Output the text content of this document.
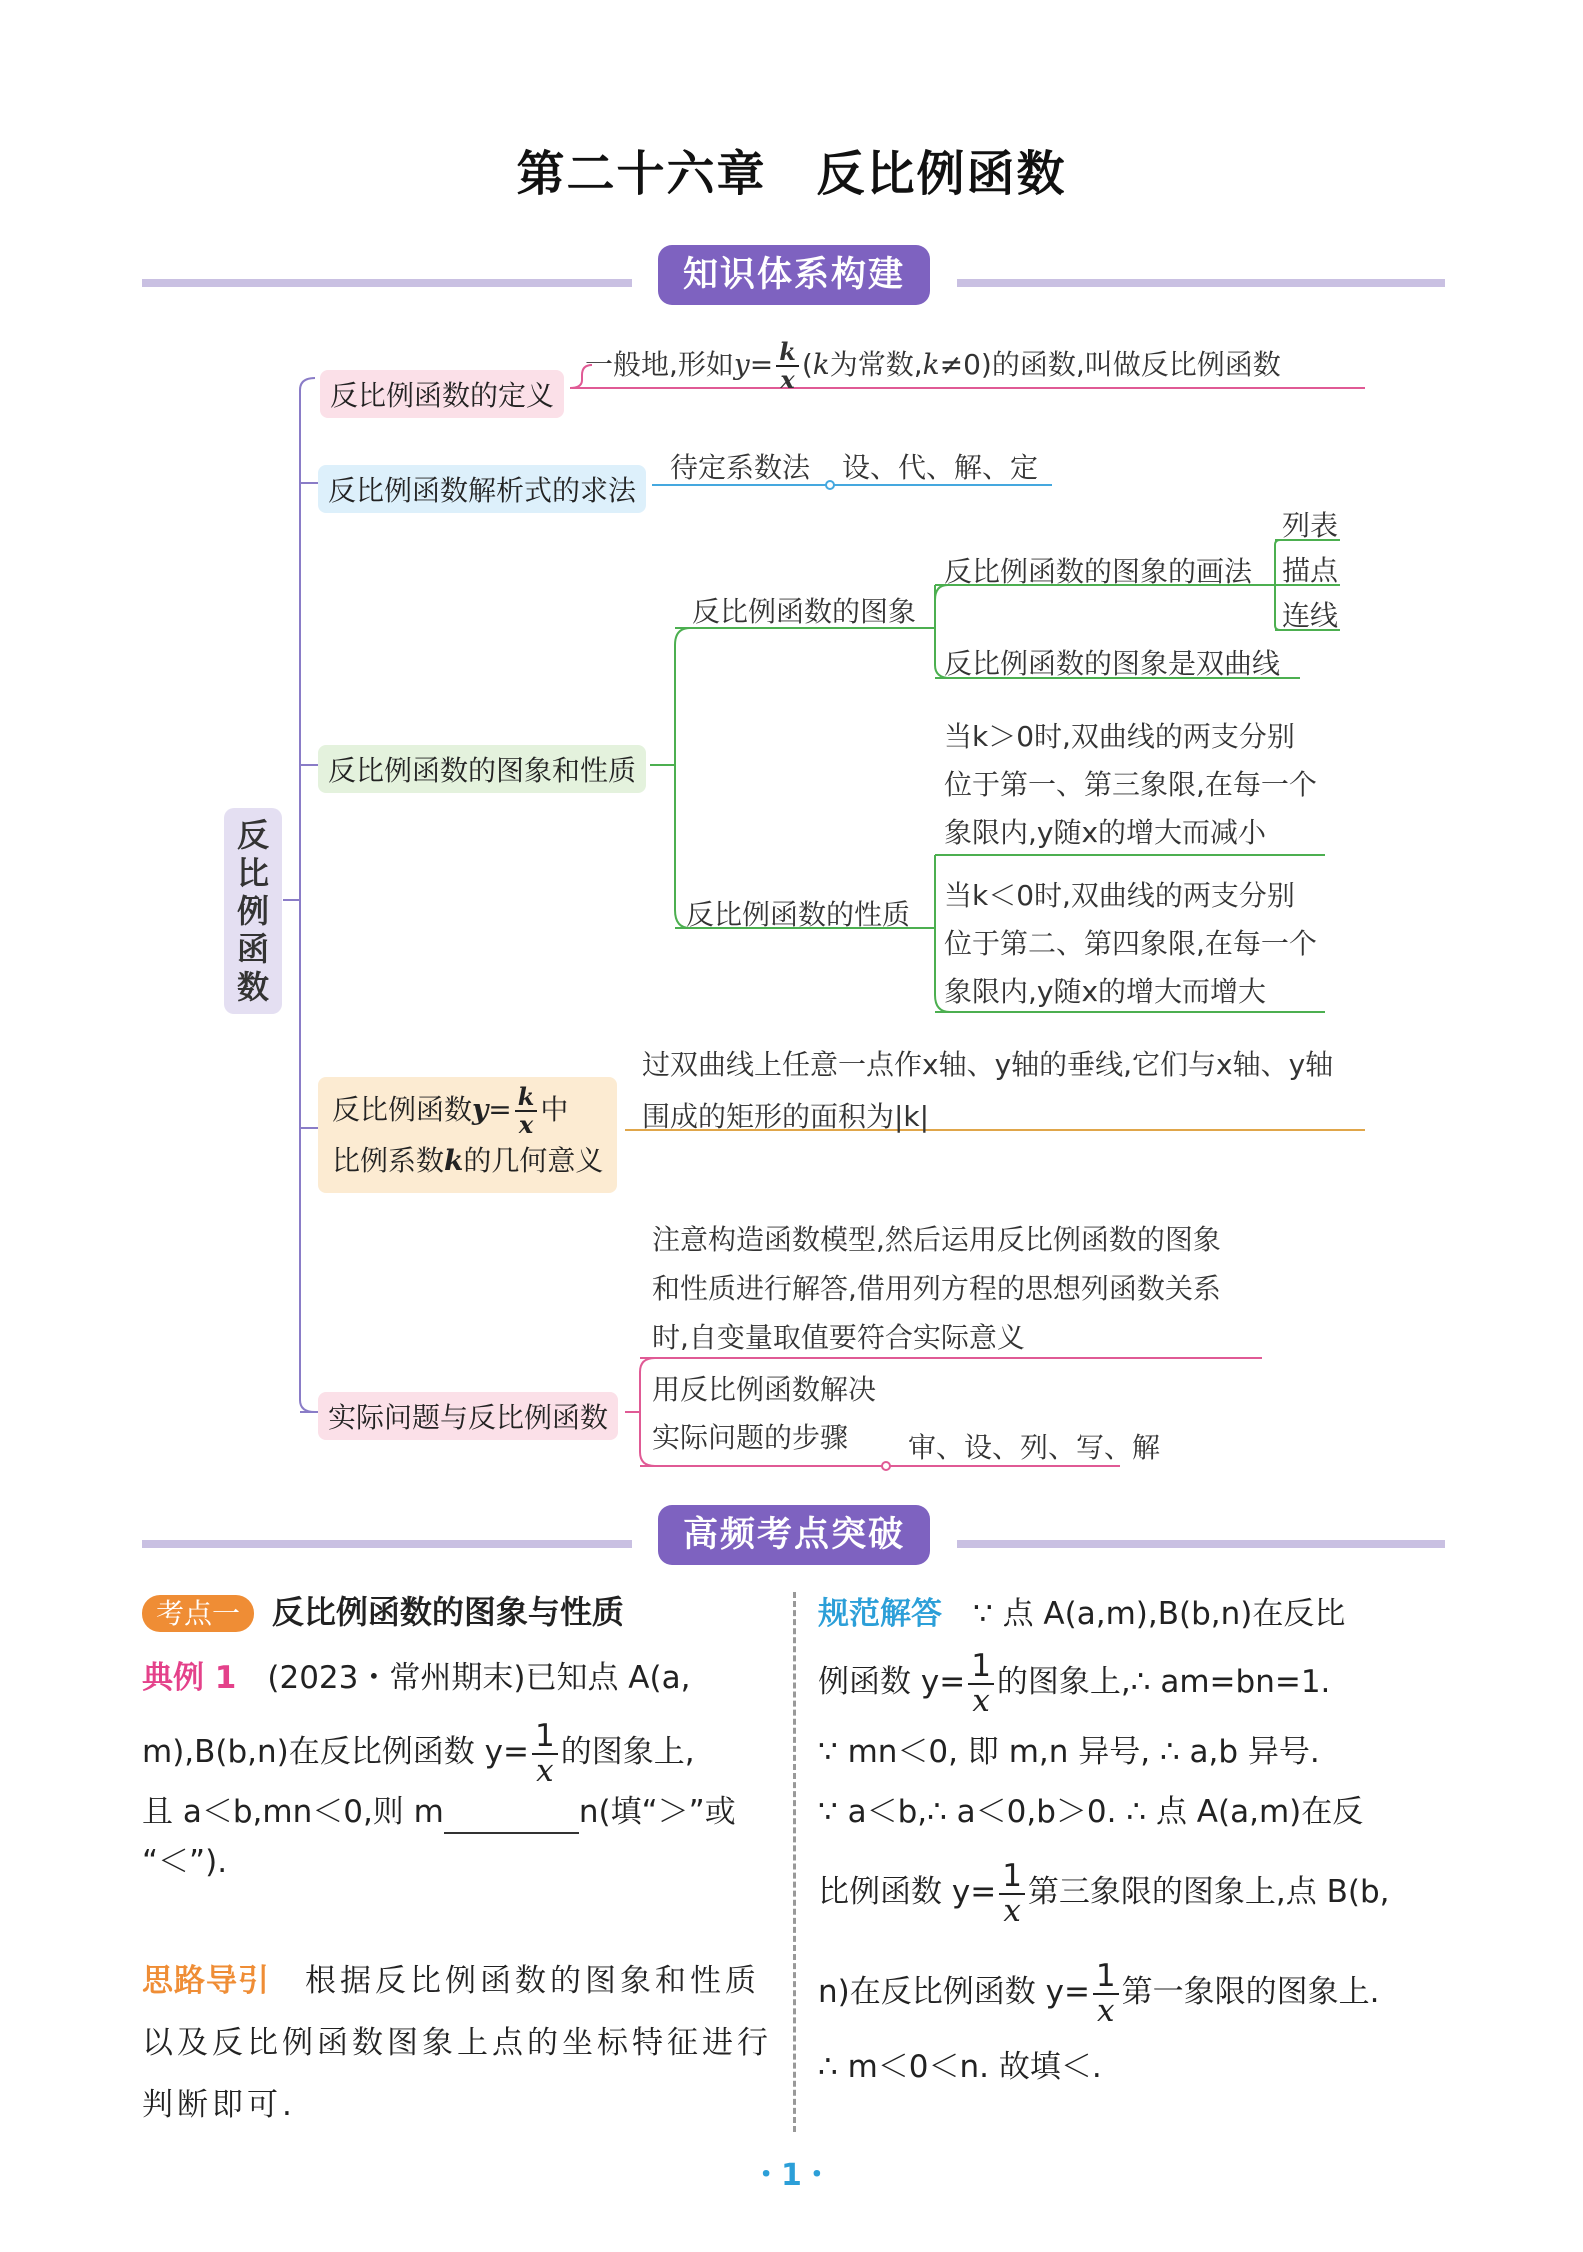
第二十六章　反比例函数
知识体系构建
反
比
例
函
数
反比例函数的定义
一般地,形如$y= \frac{k}{x} (k$为常数,k≠0)的函数,叫做反比例函数
反比例函数解析式的求法
待定系数法 设、代、解、定
反比例函数的图象和性质
反比例函数的图象
反比例函数的图象的画法
列表
描点
连线
反比例函数的图象是双曲线
反比例函数的性质
当k＞0时,双曲线的两支分别
位于第一、第三象限,在每一个
象限内,y随x的增大而减小
当k＜0时,双曲线的两支分别
位于第二、第四象限,在每一个
象限内,y随x的增大而增大
反比例函数$y= \frac{k}{x}$ 中
比例系数k的几何意义
过双曲线上任意一点作x轴、y轴的垂线,它们与x轴、y轴
围成的矩形的面积为|k|
实际问题与反比例函数
注意构造函数模型,然后运用反比例函数的图象
和性质进行解答,借用列方程的思想列函数关系
时,自变量取值要符合实际意义
用反比例函数解决
实际问题的步骤	审、设、列、写、解
高频考点突破
考点一 反比例函数的图象与性质
典例 1　 (2023・常州期末)已知点 A(a,
m),B(b,n)在反比例函数 $y= \frac{1}{x}$ 的图象上,
且 a＜b,mn＜0,则 m	n(填“＞”或
“＜”).
思路导引　 根据反比例函数的图象和性质
以及反比例函数图象上点的坐标特征进行
判断即可.
规范解答　 ∵ 点 A(a,m),B(b,n)在反比
例函数 $y= \frac{1}{x}$ 的图象上,∴ am=bn=1.
∵ mn＜0, 即 m,n 异号, ∴ a,b 异号.
∵ a＜b,∴ a＜0,b＞0. ∴ 点 A(a,m)在反
比例函数 $y= \frac{1}{x}$ 第三象限的图象上,点 B(b,
n)在反比例函数 $y= \frac{1}{x}$ 第一象限的图象上.
∴ m＜0＜n. 故填＜.
・1・
